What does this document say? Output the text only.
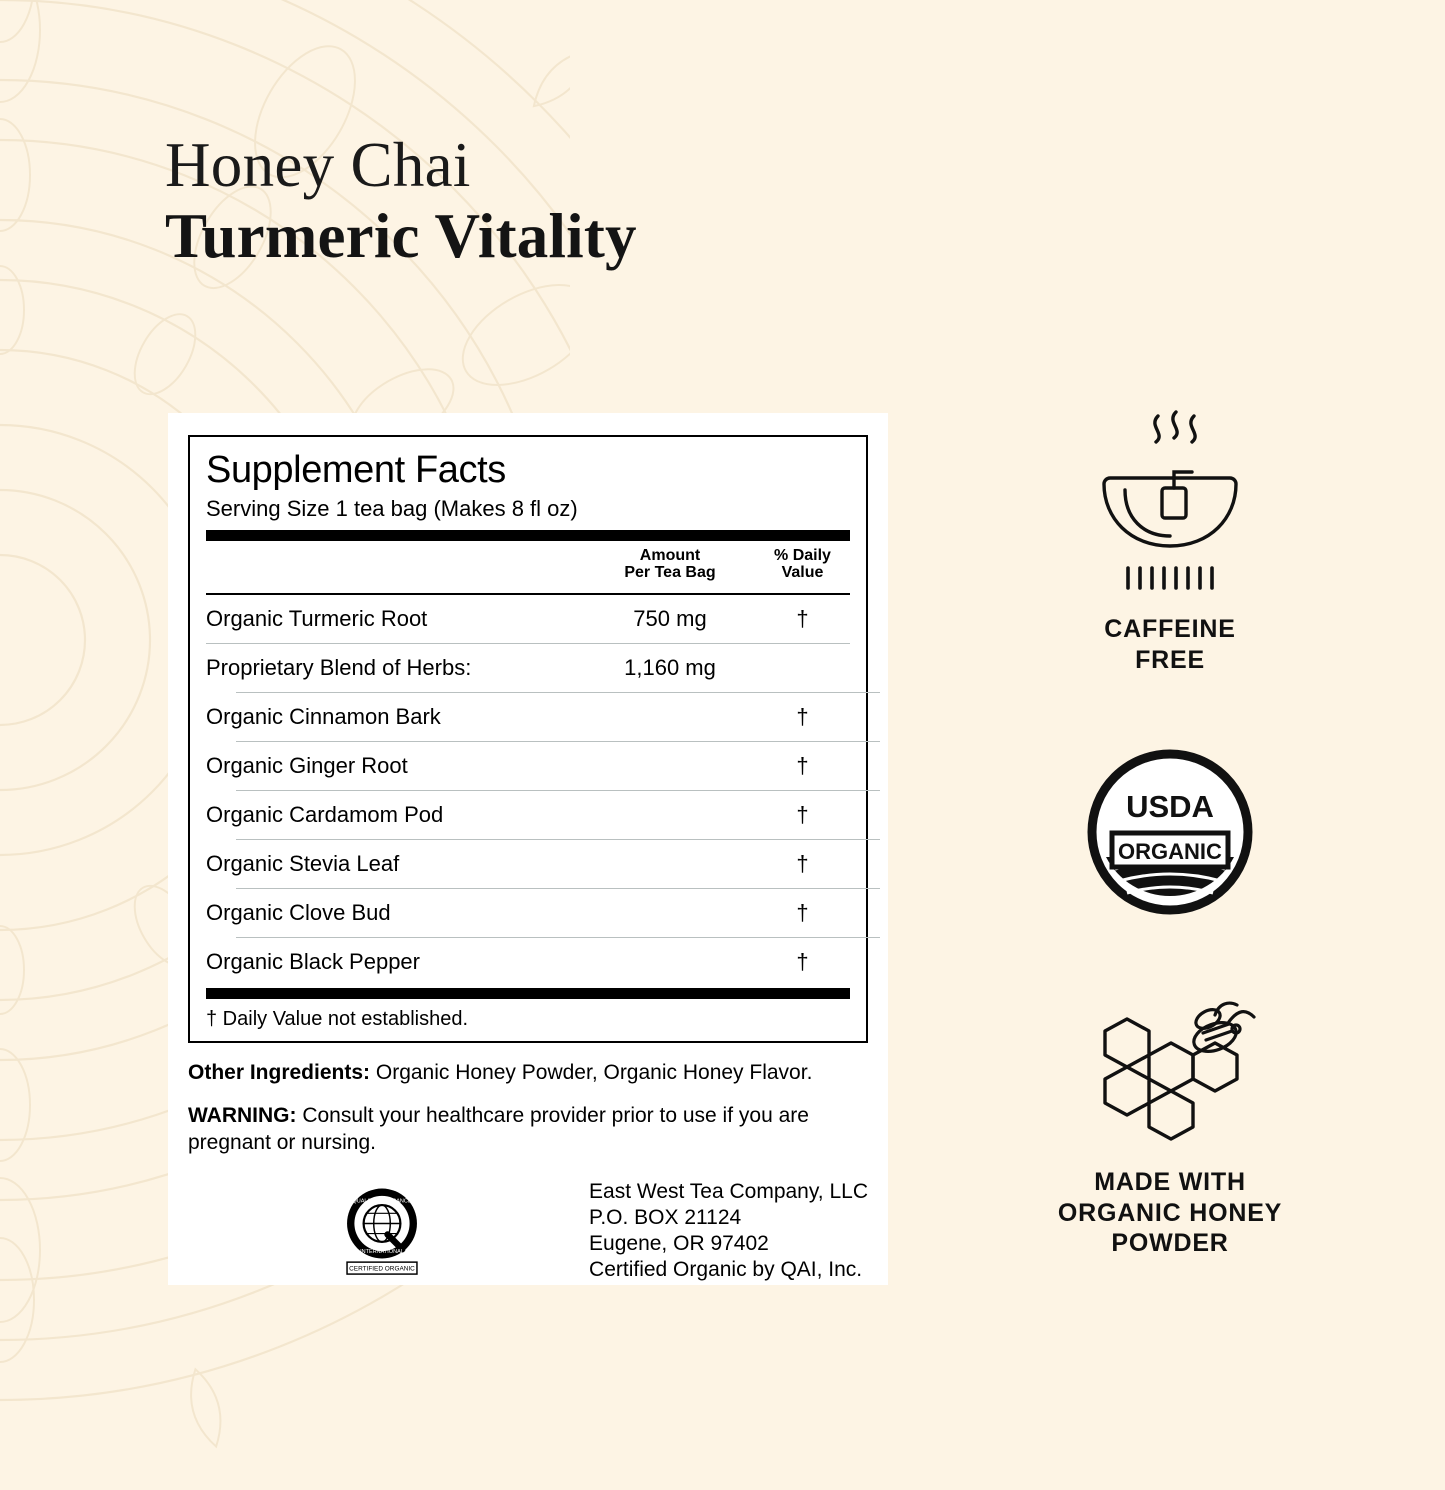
Honey Chai
Turmeric Vitality
Supplement Facts
Serving Size 1 tea bag (Makes 8 fl oz)

Amount
Per Tea Bag

% Daily
Value

Organic Turmeric Root	750 mg	†

Proprietary Blend of Herbs:	1,160 mg	

Organic Cinnamon Bark		†

Organic Ginger Root		†

Organic Cardamom Pod		†

Organic Stevia Leaf		†

Organic Clove Bud		†

Organic Black Pepper		†
† Daily Value not established.
Other Ingredients: Organic Honey Powder, Organic Honey Flavor.
WARNING: Consult your healthcare provider prior to use if you are pregnant or nursing.
QUALITY ASSURANCE
INTERNATIONAL
CERTIFIED ORGANIC
East West Tea Company, LLC
P.O. BOX 21124
Eugene, OR 97402
Certified Organic by QAI, Inc.
CAFFEINE
FREE
USDA
ORGANIC
MADE WITH
ORGANIC HONEY
POWDER
